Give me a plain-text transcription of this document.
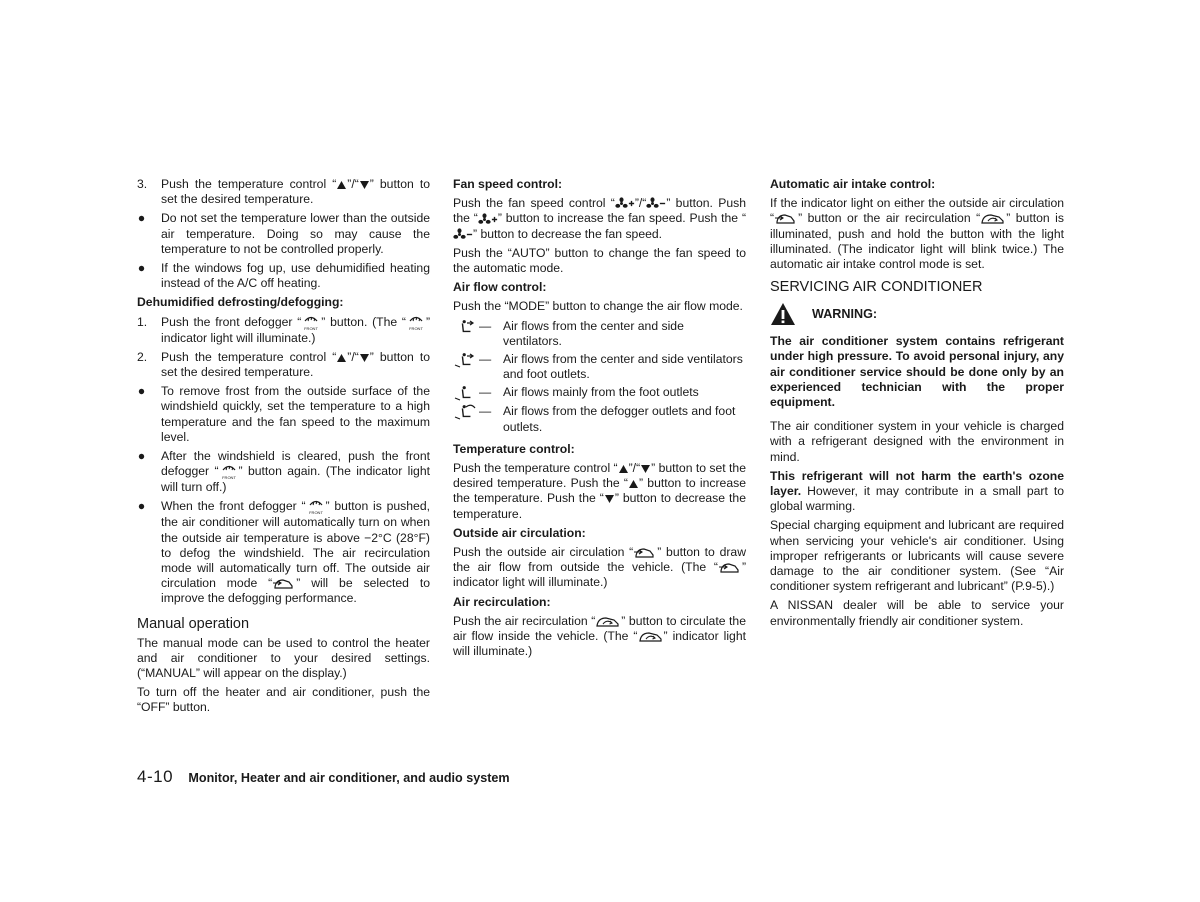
3. Push the temperature control “ ”/“ ” button to set the desired temperature.
Do not set the temperature lower than the outside air temperature. Doing so may cause the temperature to not be controlled properly.
If the windows fog up, use dehumidified heating instead of the A/C off heating.
Dehumidified defrosting/defogging:
1. Push the front defogger “ ” button. (The “ ” indicator light will illuminate.)
2. Push the temperature control “ ”/“ ” button to set the desired temperature.
To remove frost from the outside surface of the windshield quickly, set the temperature to a high temperature and the fan speed to the maximum level.
After the windshield is cleared, push the front defogger “ ” button again. (The indicator light will turn off.)
When the front defogger “ ” button is pushed, the air conditioner will automatically turn on when the outside air temperature is above −2°C (28°F) to defog the windshield. The air recirculation mode will automatically turn off. The outside air circulation mode “ ” will be selected to improve the defogging performance.
Manual operation

The manual mode can be used to control the heater and air conditioner to your desired settings. (“MANUAL” will appear on the display.)

To turn off the heater and air conditioner, push the “OFF” button.

Fan speed control:

Push the fan speed control “ ”/“ ” button. Push the “ ” button to increase the fan speed. Push the “” button to decrease the fan speed.

Push the “AUTO” button to change the fan speed to the automatic mode.

Air flow control:

Push the “MODE” button to change the air flow mode.

— Air flows from the center and side ventilators.
— Air flows from the center and side ventilators and foot outlets.
— Air flows mainly from the foot outlets
— Air flows from the defogger outlets and foot outlets.
Temperature control:

Push the temperature control “ ”/“ ” button to set the desired temperature. Push the “ ” button to increase the temperature. Push the “ ” button to decrease the temperature.

Outside air circulation:

Push the outside air circulation “ ” button to draw the air flow from outside the vehicle. (The “ ” indicator light will illuminate.)

Air recirculation:

Push the air recirculation “ ” button to circulate the air flow inside the vehicle. (The “ ” indicator light will illuminate.)

Automatic air intake control:

If the indicator light on either the outside air circulation “ ” button or the air recirculation “ ” button is illuminated, push and hold the button with the light illuminated. (The indicator light will blink twice.) The automatic air intake control mode is set.

SERVICING AIR CONDITIONER
WARNING:

The air conditioner system contains refrigerant under high pressure. To avoid personal injury, any air conditioner service should be done only by an experienced technician with the proper equipment.

The air conditioner system in your vehicle is charged with a refrigerant designed with the environment in mind.

This refrigerant will not harm the earth's ozone layer. However, it may contribute in a small part to global warming.

Special charging equipment and lubricant are required when servicing your vehicle's air conditioner. Using improper refrigerants or lubricants will cause severe damage to the air conditioner system. (See “Air conditioner system refrigerant and lubricant” (P.9-5).)

A NISSAN dealer will be able to service your environmentally friendly air conditioner system.

4-10 Monitor, Heater and air conditioner, and audio system
